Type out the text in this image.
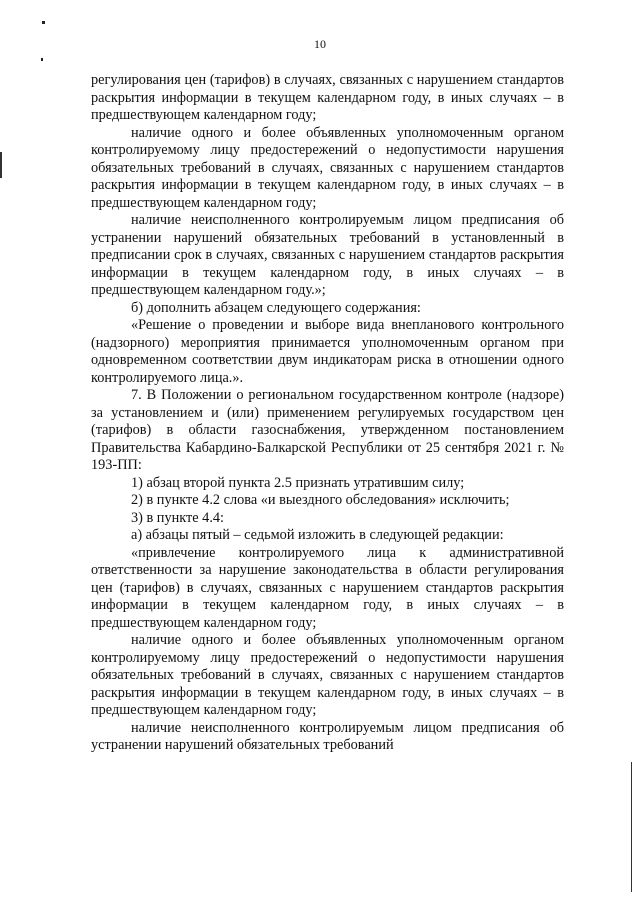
10

регулирования цен (тарифов) в случаях, связанных с нарушением стандартов раскрытия информации в текущем календарном году, в иных случаях – в предшествующем календарном году;

наличие одного и более объявленных уполномоченным органом контролируемому лицу предостережений о недопустимости нарушения обязательных требований в случаях, связанных с нарушением стандартов раскрытия информации в текущем календарном году, в иных случаях – в предшествующем календарном году;

наличие неисполненного контролируемым лицом предписания об устранении нарушений обязательных требований в установленный в предписании срок в случаях, связанных с нарушением стандартов раскрытия информации в текущем календарном году, в иных случаях – в предшествующем календарном году.»;

б) дополнить абзацем следующего содержания:

«Решение о проведении и выборе вида внепланового контрольного (надзорного) мероприятия принимается уполномоченным органом при одновременном соответствии двум индикаторам риска в отношении одного контролируемого лица.».

7. В Положении о региональном государственном контроле (надзоре) за установлением и (или) применением регулируемых государством цен (тарифов) в области газоснабжения, утвержденном постановлением Правительства Кабардино-Балкарской Республики от 25 сентября 2021 г. № 193-ПП:

1) абзац второй пункта 2.5 признать утратившим силу;

2) в пункте 4.2 слова «и выездного обследования» исключить;

3) в пункте 4.4:

а) абзацы пятый – седьмой изложить в следующей редакции:

«привлечение контролируемого лица к административной ответственности за нарушение законодательства в области регулирования цен (тарифов) в случаях, связанных с нарушением стандартов раскрытия информации в текущем календарном году, в иных случаях – в предшествующем календарном году;

наличие одного и более объявленных уполномоченным органом контролируемому лицу предостережений о недопустимости нарушения обязательных требований в случаях, связанных с нарушением стандартов раскрытия информации в текущем календарном году, в иных случаях – в предшествующем календарном году;

наличие неисполненного контролируемым лицом предписания об устранении нарушений обязательных требований
